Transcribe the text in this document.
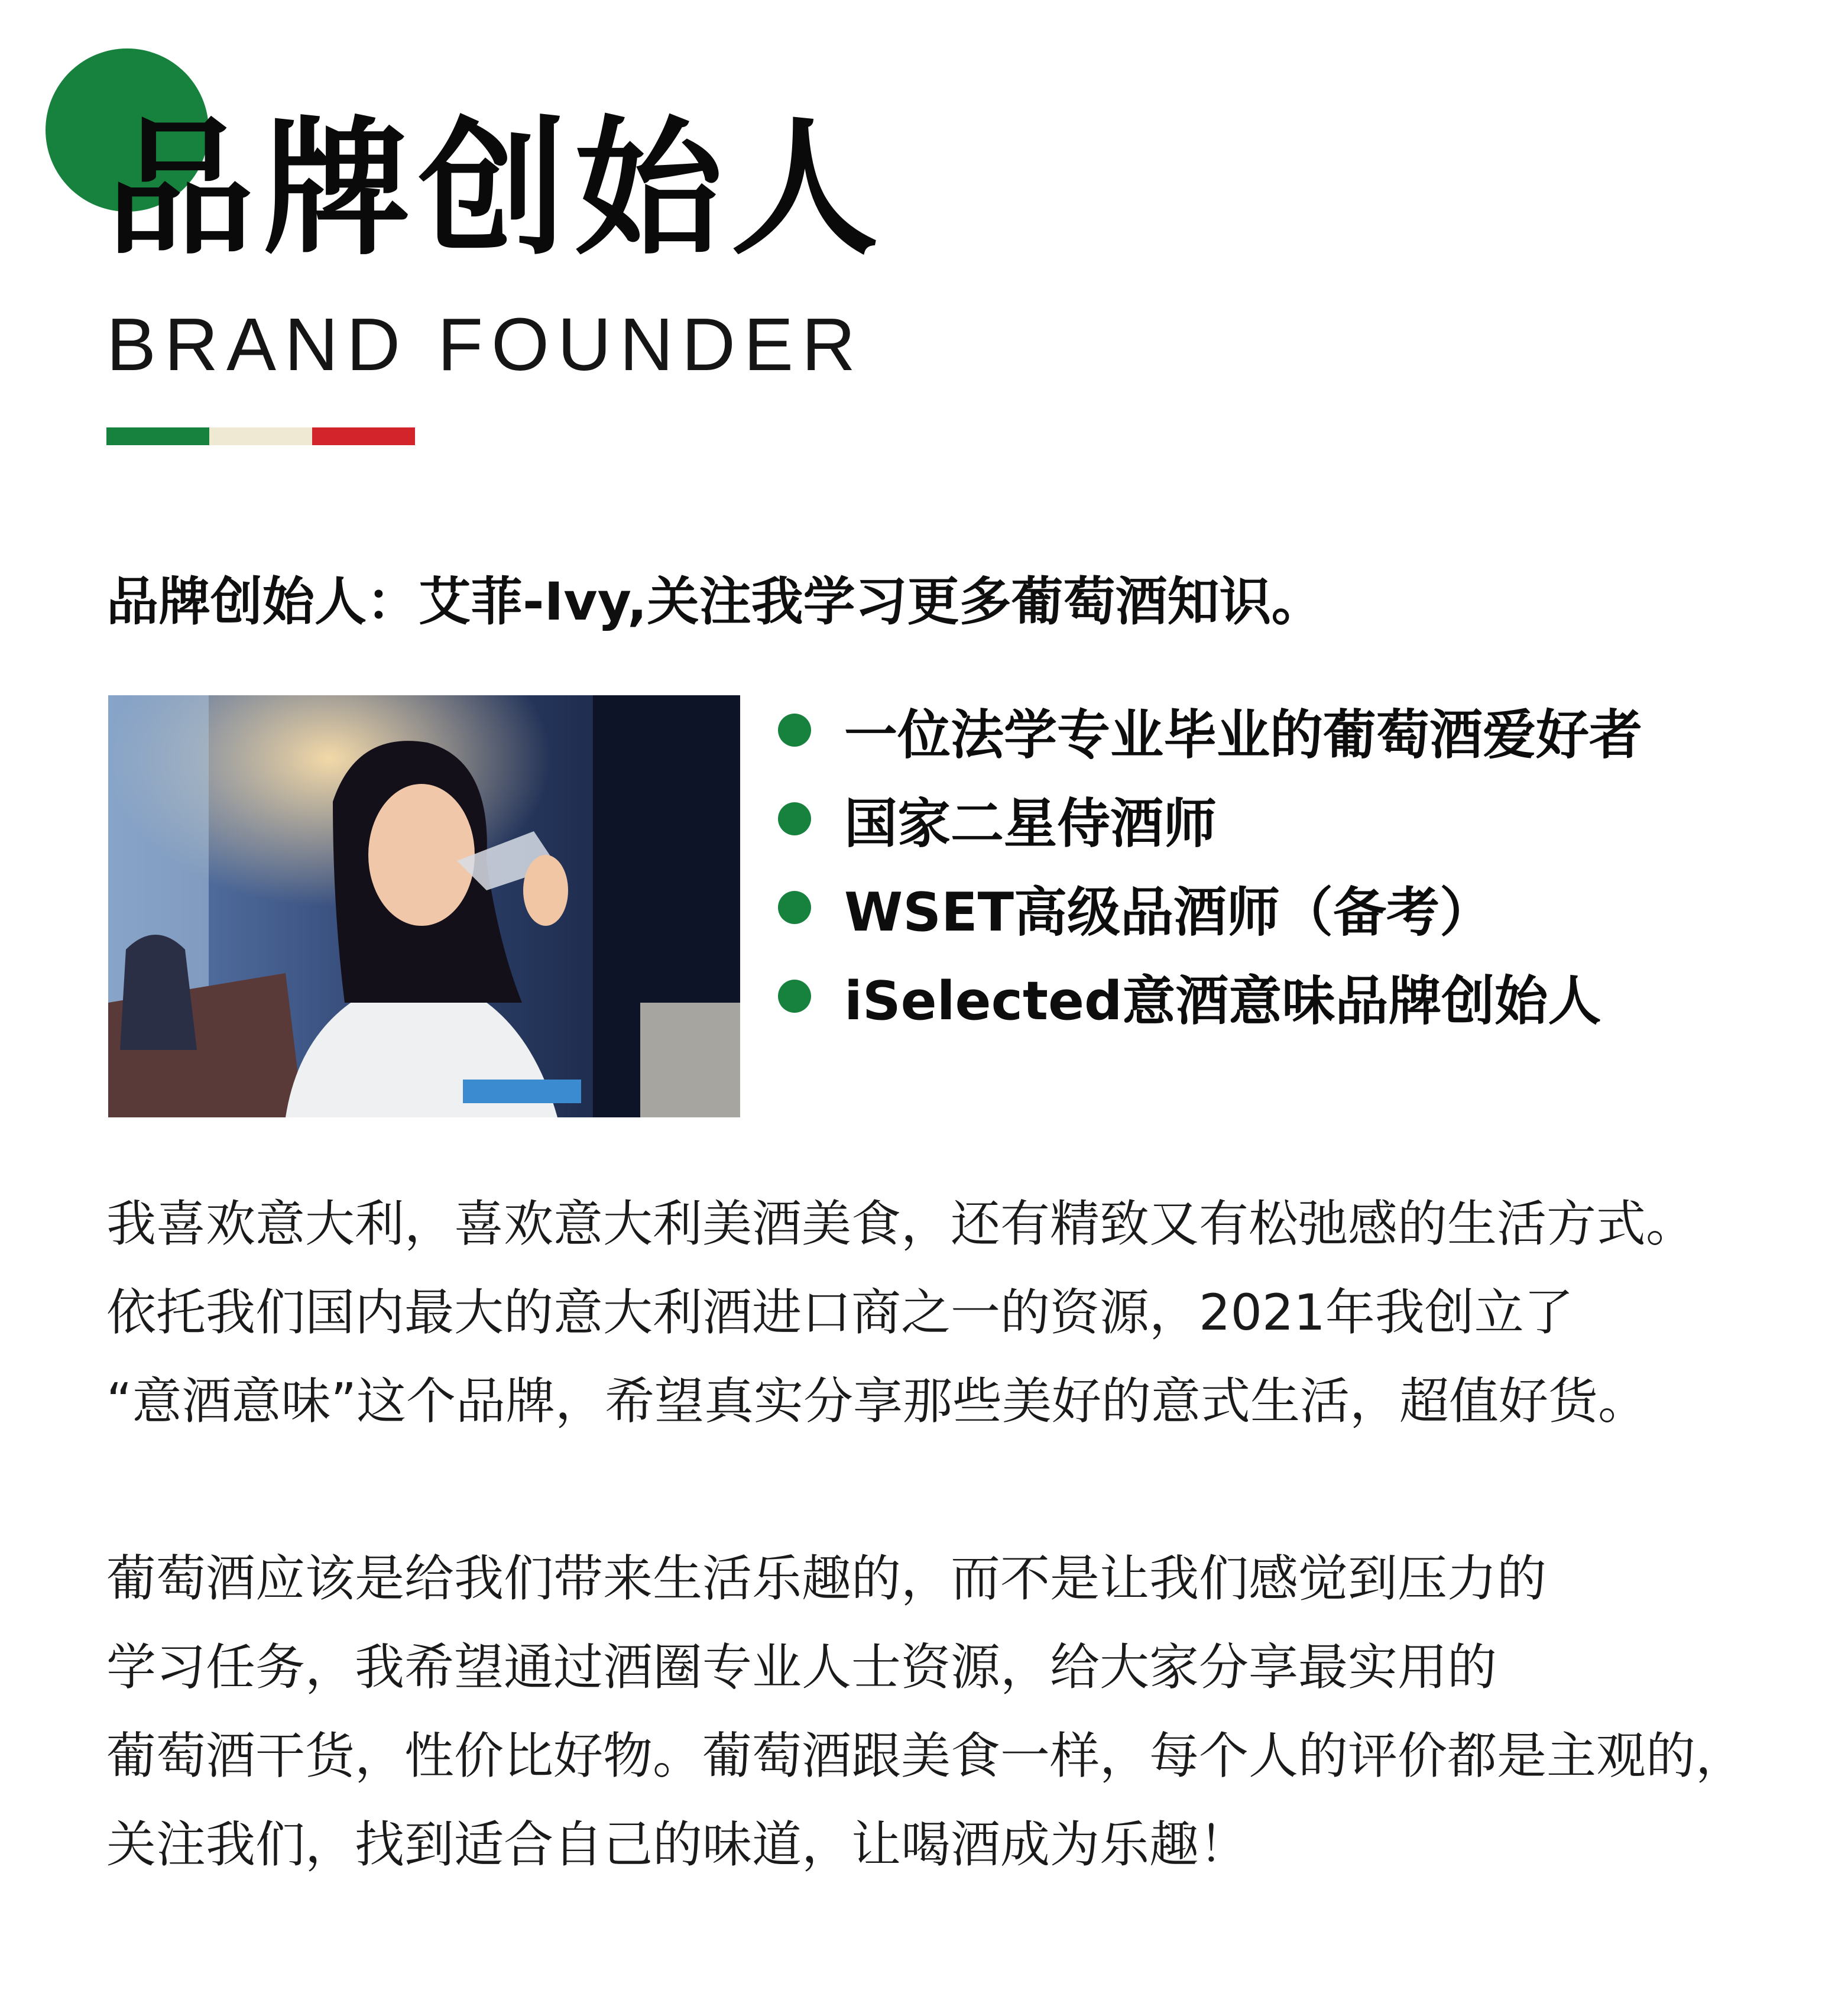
品牌创始人
BRAND FOUNDER

品牌创始人：艾菲-Ivy,关注我学习更多葡萄酒知识。

一位法学专业毕业的葡萄酒爱好者
国家二星侍酒师
WSET高级品酒师（备考）
iSelected意酒意味品牌创始人
我喜欢意大利，喜欢意大利美酒美食，还有精致又有松弛感的生活方式。
依托我们国内最大的意大利酒进口商之一的资源，2021年我创立了
“意酒意味”这个品牌，希望真实分享那些美好的意式生活，超值好货。
葡萄酒应该是给我们带来生活乐趣的，而不是让我们感觉到压力的
学习任务，我希望通过酒圈专业人士资源，给大家分享最实用的
葡萄酒干货，性价比好物。葡萄酒跟美食一样，每个人的评价都是主观的，
关注我们，找到适合自己的味道，让喝酒成为乐趣！
